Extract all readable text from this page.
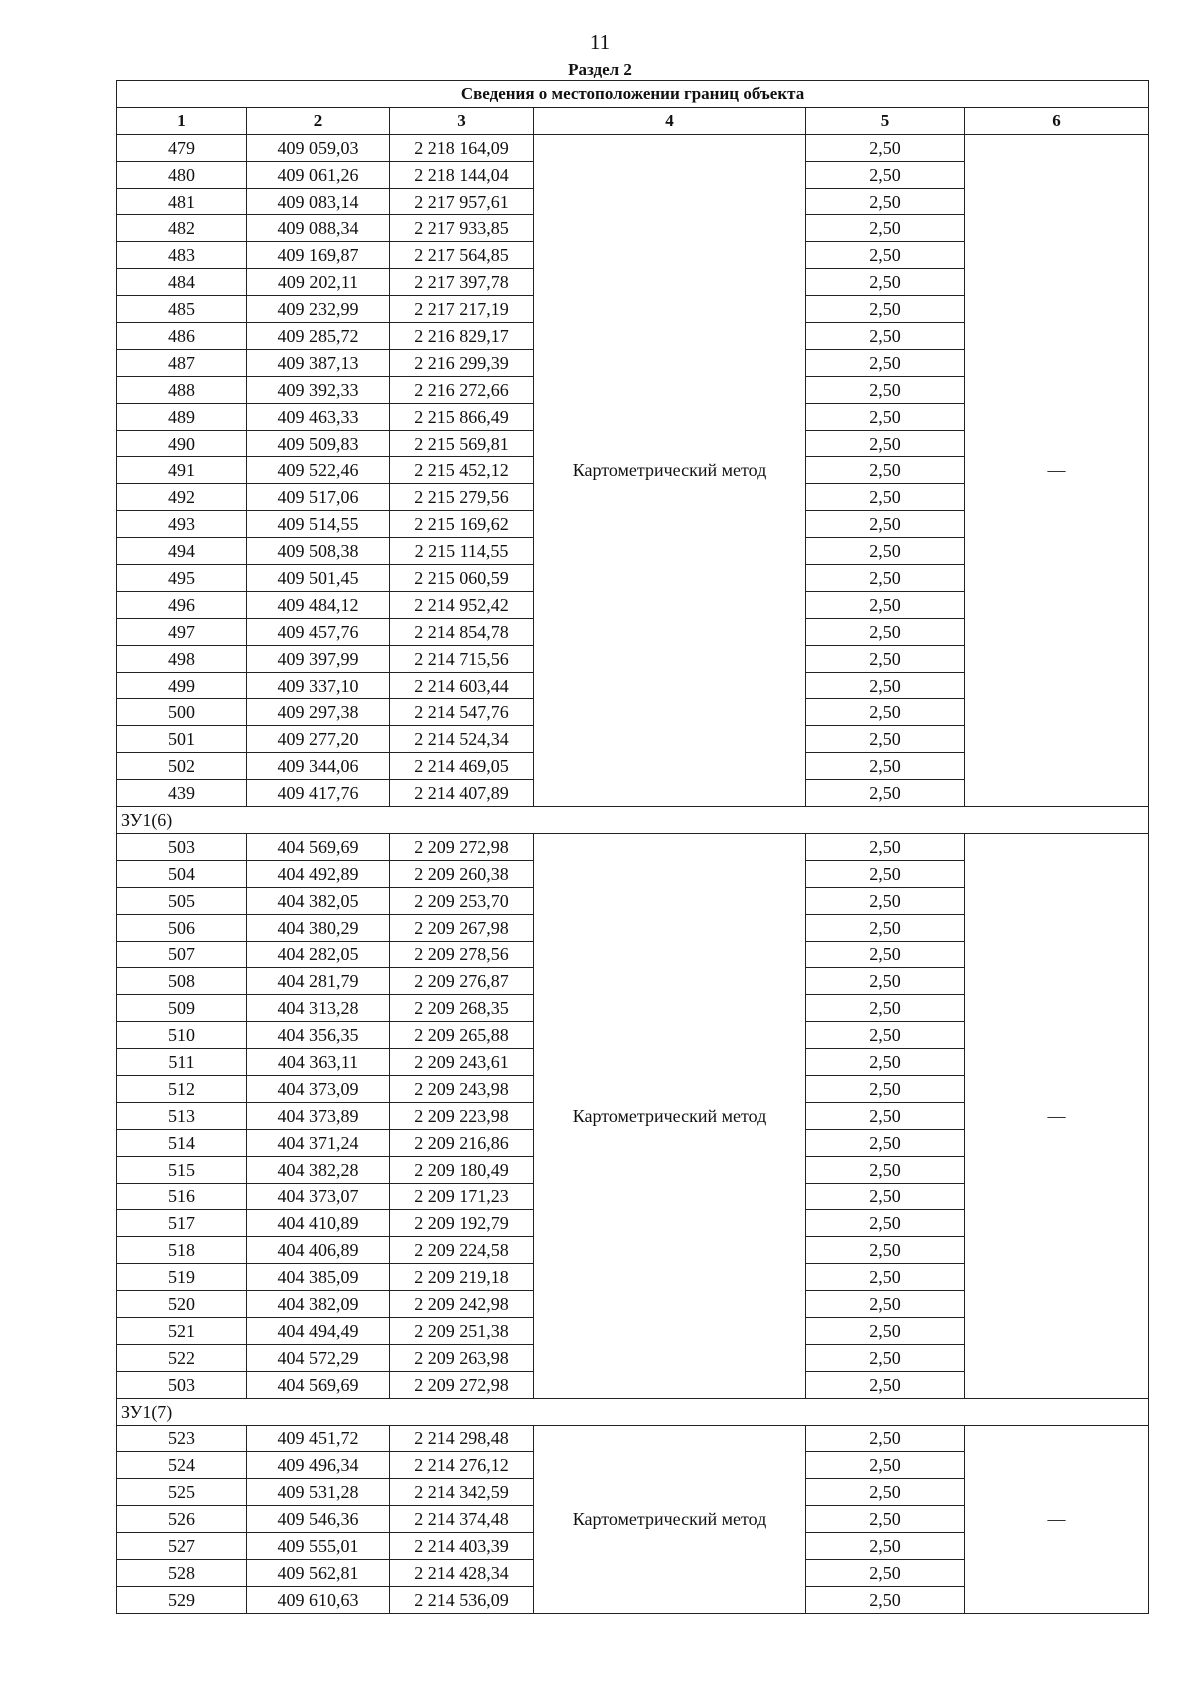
11
Раздел 2
Сведения о местоположении границ объекта					
1	2	3	4	5	6
479	409 059,03	2 218 164,09	Картометрический метод	2,50	—
480	409 061,26	2 218 144,04		2,50	
481	409 083,14	2 217 957,61		2,50	
482	409 088,34	2 217 933,85		2,50	
483	409 169,87	2 217 564,85		2,50	
484	409 202,11	2 217 397,78		2,50	
485	409 232,99	2 217 217,19		2,50	
486	409 285,72	2 216 829,17		2,50	
487	409 387,13	2 216 299,39		2,50	
488	409 392,33	2 216 272,66		2,50	
489	409 463,33	2 215 866,49		2,50	
490	409 509,83	2 215 569,81		2,50	
491	409 522,46	2 215 452,12		2,50	
492	409 517,06	2 215 279,56		2,50	
493	409 514,55	2 215 169,62		2,50	
494	409 508,38	2 215 114,55		2,50	
495	409 501,45	2 215 060,59		2,50	
496	409 484,12	2 214 952,42		2,50	
497	409 457,76	2 214 854,78		2,50	
498	409 397,99	2 214 715,56		2,50	
499	409 337,10	2 214 603,44		2,50	
500	409 297,38	2 214 547,76		2,50	
501	409 277,20	2 214 524,34		2,50	
502	409 344,06	2 214 469,05		2,50	
439	409 417,76	2 214 407,89		2,50	
ЗУ1(6)					
503	404 569,69	2 209 272,98	Картометрический метод	2,50	—
504	404 492,89	2 209 260,38		2,50	
505	404 382,05	2 209 253,70		2,50	
506	404 380,29	2 209 267,98		2,50	
507	404 282,05	2 209 278,56		2,50	
508	404 281,79	2 209 276,87		2,50	
509	404 313,28	2 209 268,35		2,50	
510	404 356,35	2 209 265,88		2,50	
511	404 363,11	2 209 243,61		2,50	
512	404 373,09	2 209 243,98		2,50	
513	404 373,89	2 209 223,98		2,50	
514	404 371,24	2 209 216,86		2,50	
515	404 382,28	2 209 180,49		2,50	
516	404 373,07	2 209 171,23		2,50	
517	404 410,89	2 209 192,79		2,50	
518	404 406,89	2 209 224,58		2,50	
519	404 385,09	2 209 219,18		2,50	
520	404 382,09	2 209 242,98		2,50	
521	404 494,49	2 209 251,38		2,50	
522	404 572,29	2 209 263,98		2,50	
503	404 569,69	2 209 272,98		2,50	
ЗУ1(7)					
523	409 451,72	2 214 298,48	Картометрический метод	2,50	—
524	409 496,34	2 214 276,12		2,50	
525	409 531,28	2 214 342,59		2,50	
526	409 546,36	2 214 374,48		2,50	
527	409 555,01	2 214 403,39		2,50	
528	409 562,81	2 214 428,34		2,50	
529	409 610,63	2 214 536,09		2,50	
